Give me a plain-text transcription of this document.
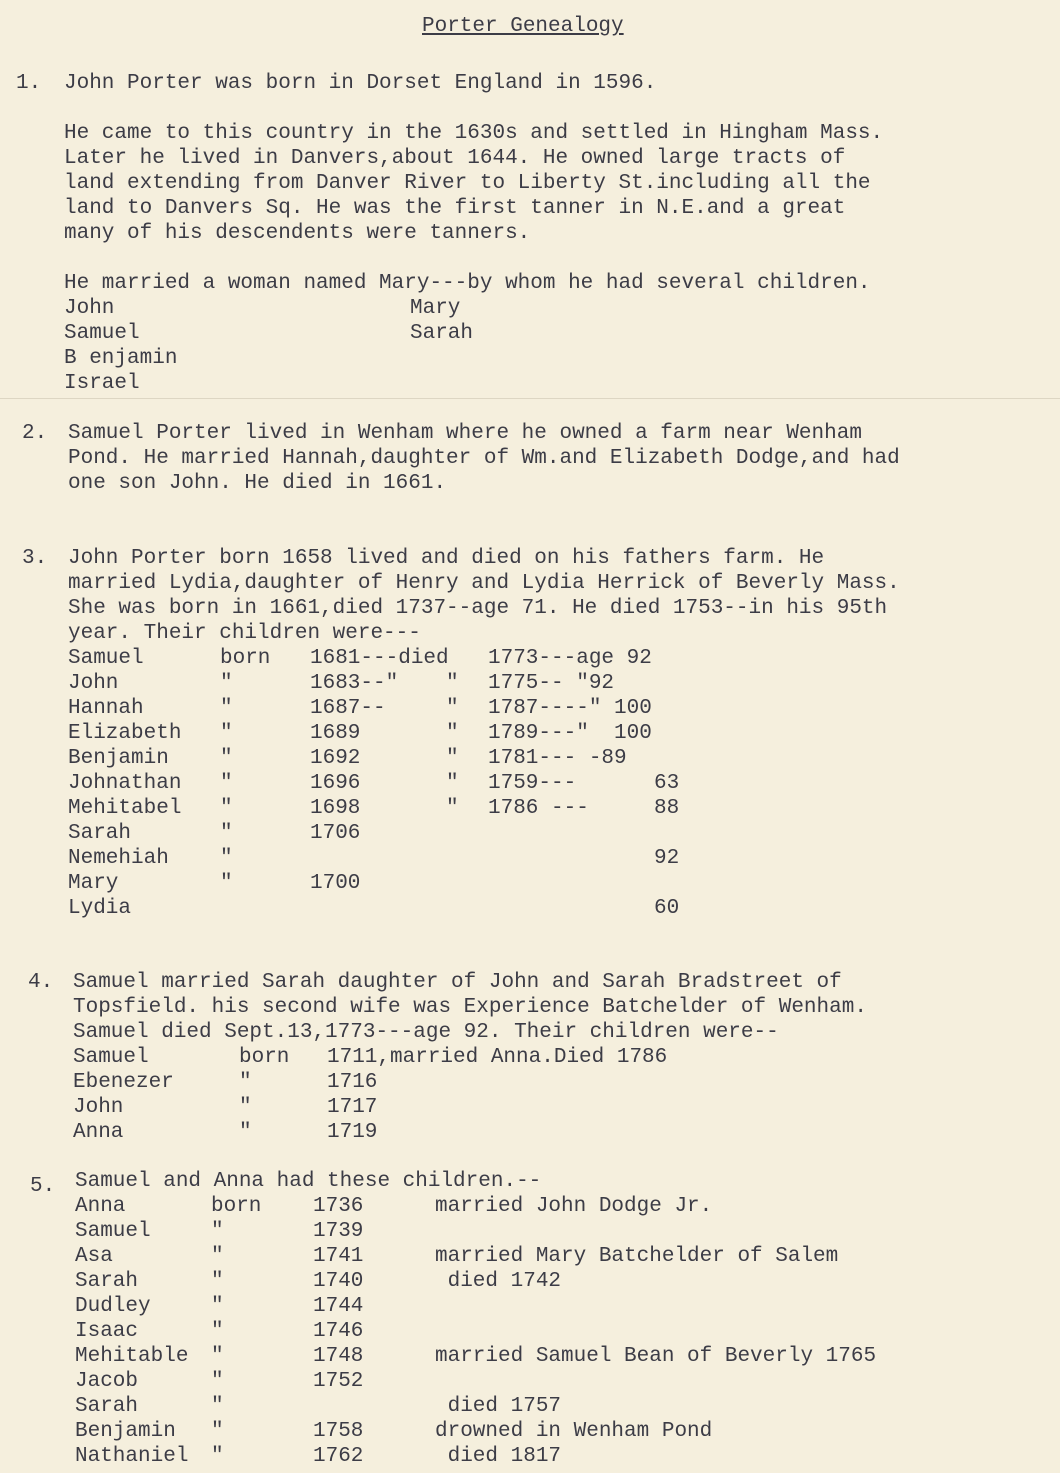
Porter Genealogy
1. John Porter was born in Dorset England in 1596.
He came to this country in the 1630s and settled in Hingham Mass.
Later he lived in Danvers,about 1644. He owned large tracts of
land extending from Danver River to Liberty St.including all the
land to Danvers Sq. He was the first tanner in N.E.and a great
many of his descendents were tanners.
He married a woman named Mary---by whom he had several children.
John
Samuel
B enjamin
Israel
Mary
Sarah
2. Samuel Porter lived in Wenham where he owned a farm near Wenham
Pond. He married Hannah,daughter of Wm.and Elizabeth Dodge,and had
one son John. He died in 1661.
3. John Porter born 1658 lived and died on his fathers farm. He
married Lydia,daughter of Henry and Lydia Herrick of Beverly Mass.
She was born in 1661,died 1737--age 71. He died 1753--in his 95th
year. Their children were---
Samuel	born 1681---died 1773---age 92
John	"	1683--" " 1775-- "92
Hannah	"	1687--	" 1787----" 100
Elizabeth "	1689	" 1789---"  100
Benjamin "	1692	" 1781--- -89
Johnathan "	1696	" 1759---	63
Mehitabel "	1698	" 1786 ---	88
Sarah	"	1706
Nemehiah "	92
Mary	"	1700
Lydia	60
4. Samuel married Sarah daughter of John and Sarah Bradstreet of
Topsfield. his second wife was Experience Batchelder of Wenham.
Samuel died Sept.13,1773---age 92. Their children were--
Samuel	born 1711,married Anna.Died 1786
Ebenezer	"	1716
John	"	1717
Anna	"	1719
5. Samuel and Anna had these children.--
Anna	born 1736	married John Dodge Jr.
Samuel	"	1739
Asa	"	1741	married Mary Batchelder of Salem
Sarah	"	1740	died 1742
Dudley	"	1744
Isaac	"	1746
Mehitable "	1748	married Samuel Bean of Beverly 1765
Jacob	"	1752
Sarah	"	died 1757
Benjamin "	1758	drowned in Wenham Pond
Nathaniel "	1762	died 1817
